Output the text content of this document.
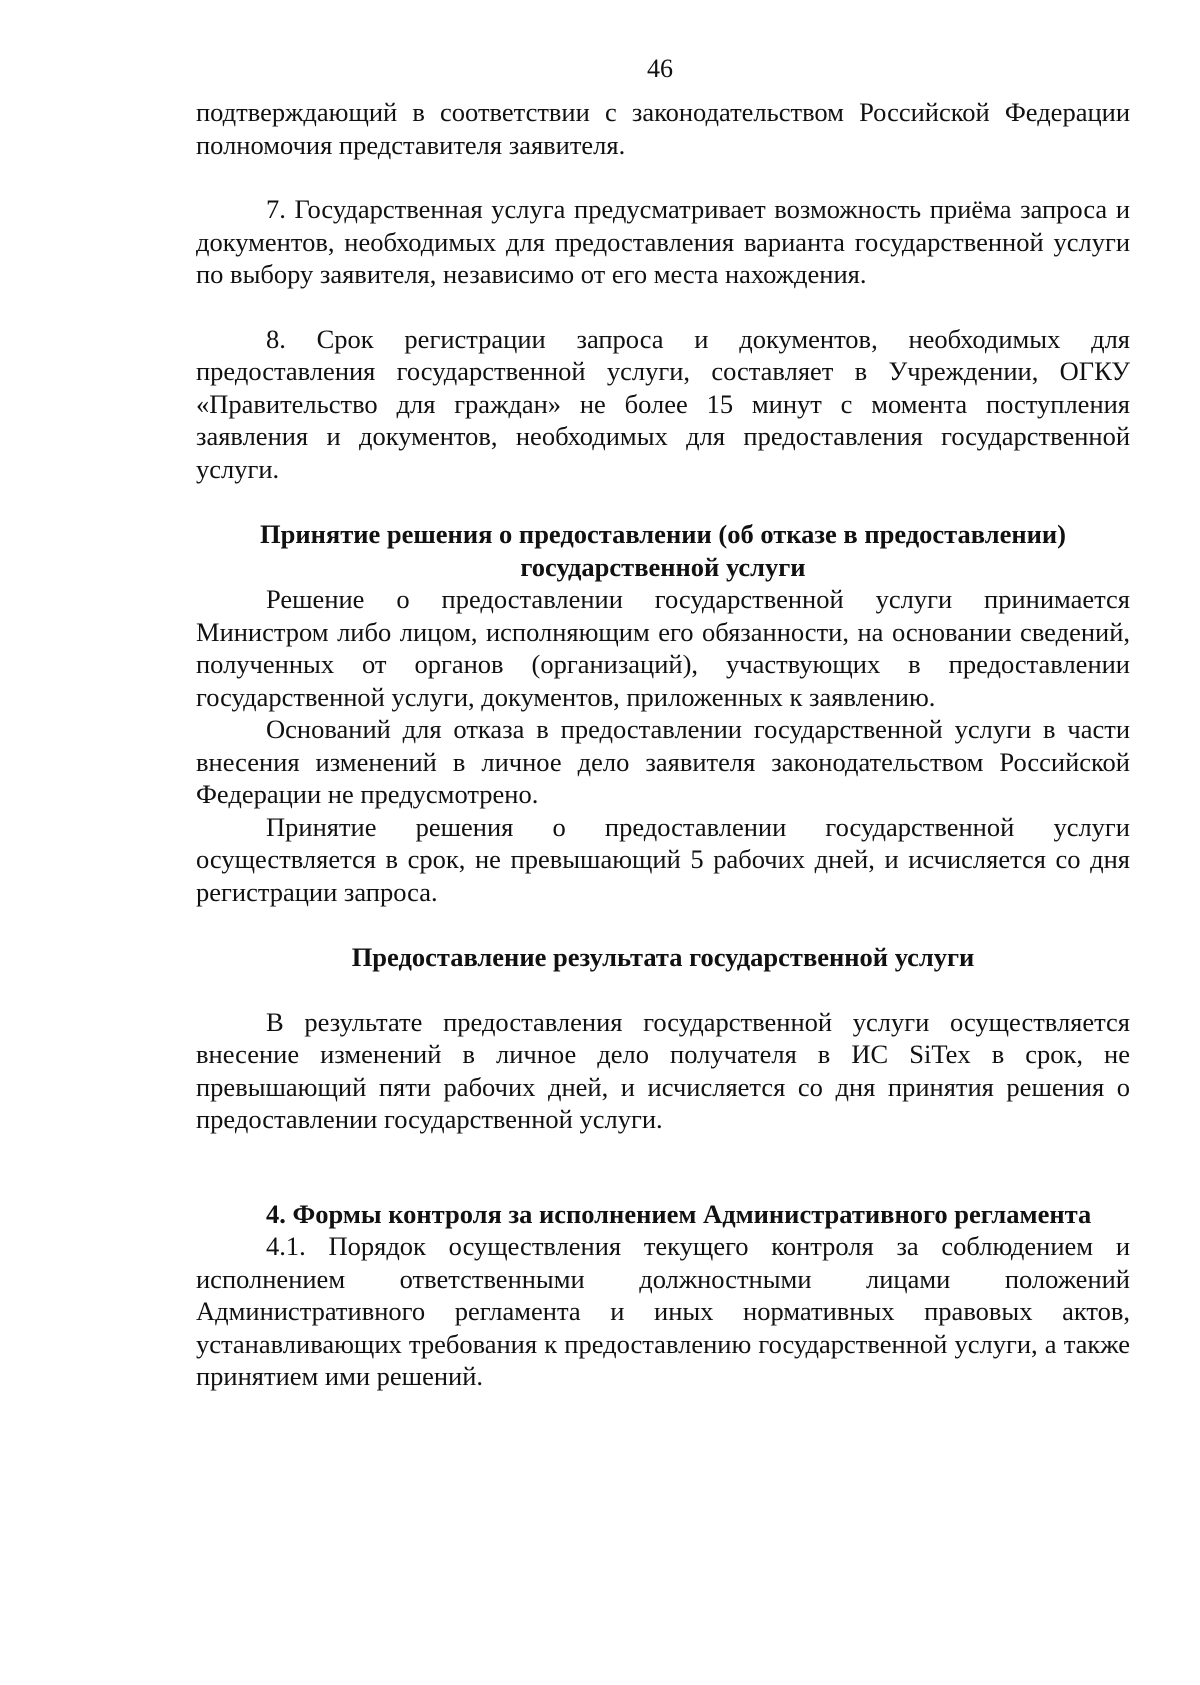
46

подтверждающий в соответствии с законодательством Российской Федерации полномочия представителя заявителя.

7. Государственная услуга предусматривает возможность приёма запроса и документов, необходимых для предоставления варианта государственной услуги по выбору заявителя, независимо от его места нахождения.

8. Срок регистрации запроса и документов, необходимых для предоставления государственной услуги, составляет в Учреждении, ОГКУ «Правительство для граждан» не более 15 минут с момента поступления заявления и документов, необходимых для предоставления государственной услуги.

Принятие решения о предоставлении (об отказе в предоставлении) государственной услуги

Решение о предоставлении государственной услуги принимается Министром либо лицом, исполняющим его обязанности, на основании сведений, полученных от органов (организаций), участвующих в предоставлении государственной услуги, документов, приложенных к заявлению.

Оснований для отказа в предоставлении государственной услуги в части внесения изменений в личное дело заявителя законодательством Российской Федерации не предусмотрено.

Принятие решения о предоставлении государственной услуги осуществляется в срок, не превышающий 5 рабочих дней, и исчисляется со дня регистрации запроса.

Предоставление результата государственной услуги

В результате предоставления государственной услуги осуществляется внесение изменений в личное дело получателя в ИС SiTex в срок, не превышающий пяти рабочих дней, и исчисляется со дня принятия решения о предоставлении государственной услуги.

4. Формы контроля за исполнением Административного регламента

4.1. Порядок осуществления текущего контроля за соблюдением и исполнением ответственными должностными лицами положений Административного регламента и иных нормативных правовых актов, устанавливающих требования к предоставлению государственной услуги, а также принятием ими решений.
